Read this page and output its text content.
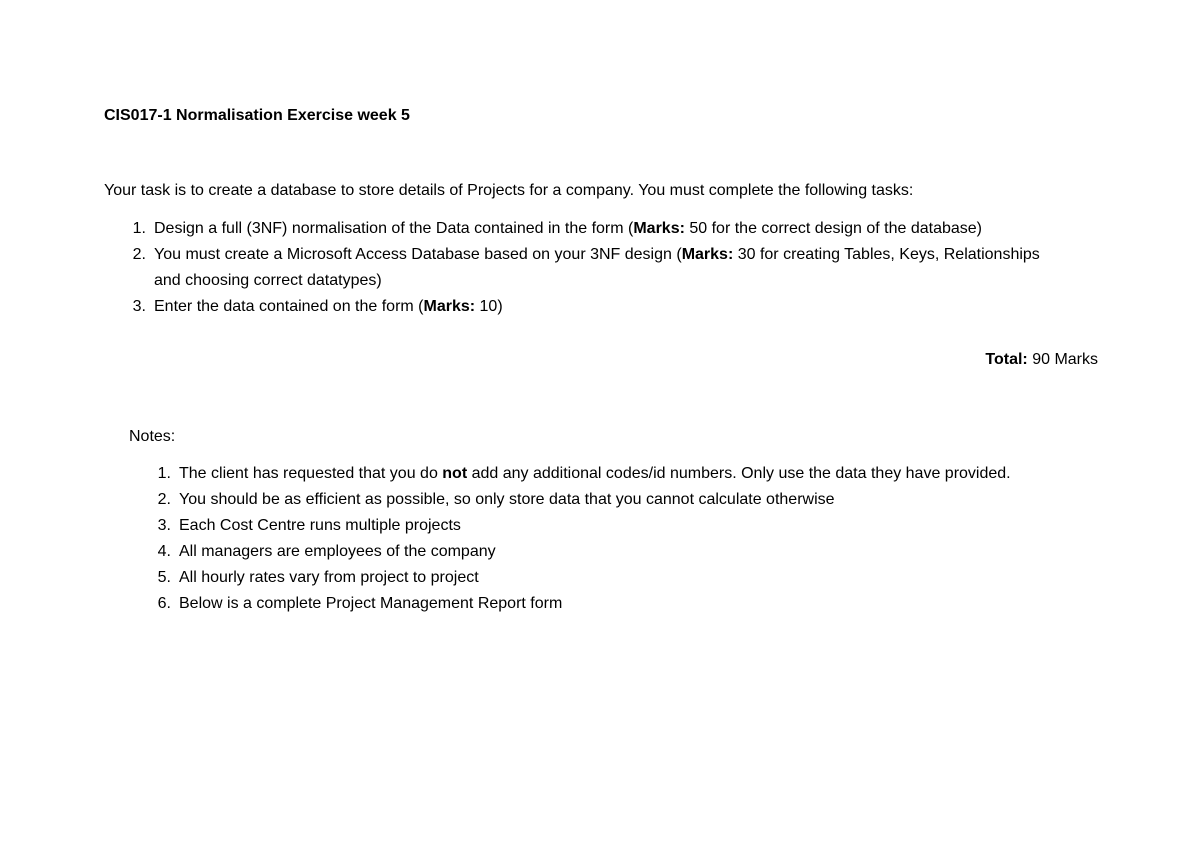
CIS017-1 Normalisation Exercise week 5
Your task is to create a database to store details of Projects for a company. You must complete the following tasks:
1. Design a full (3NF) normalisation of the Data contained in the form (Marks: 50 for the correct design of the database)
2. You must create a Microsoft Access Database based on your 3NF design (Marks: 30 for creating Tables, Keys, Relationships and choosing correct datatypes)
3. Enter the data contained on the form (Marks: 10)
Total: 90 Marks
Notes:
1. The client has requested that you do not add any additional codes/id numbers. Only use the data they have provided.
2. You should be as efficient as possible, so only store data that you cannot calculate otherwise
3. Each Cost Centre runs multiple projects
4. All managers are employees of the company
5. All hourly rates vary from project to project
6. Below is a complete Project Management Report form
